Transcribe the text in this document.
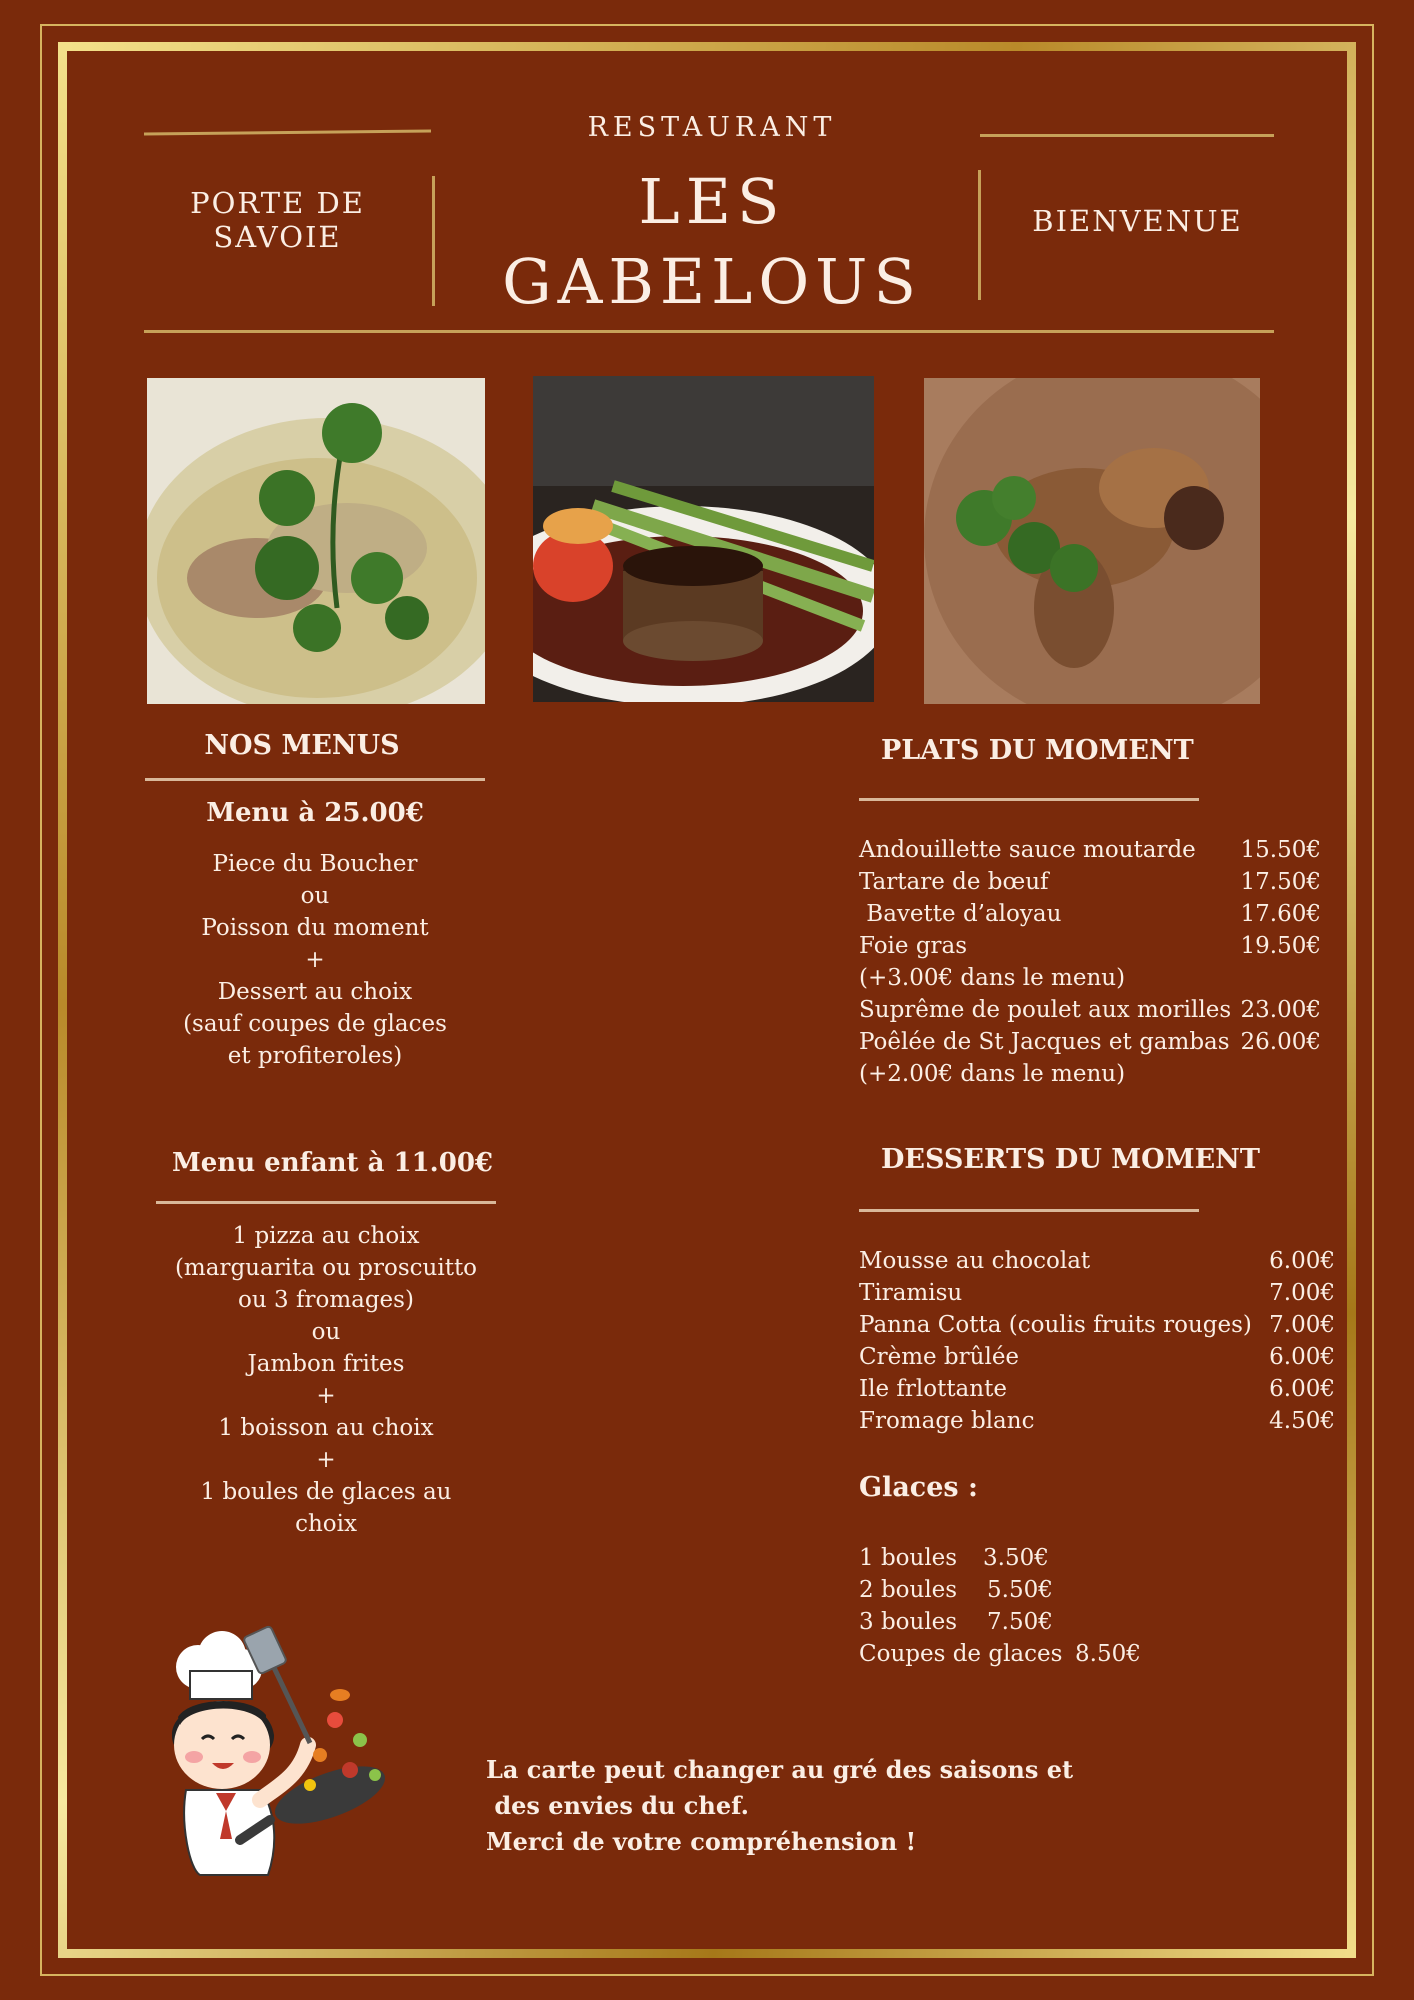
RESTAURANT
LES
GABELOUS
PORTE DE
SAVOIE	BIENVENUE
NOS MENUS
Menu à 25.00€
Piece du Boucher
ou
Poisson du moment
+
Dessert au choix
(sauf coupes de glaces
et profiteroles)
Menu enfant à 11.00€
1 pizza au choix
(marguarita ou proscuitto
ou 3 fromages)
ou
Jambon frites
+
1 boisson au choix
+
1 boules de glaces au
choix
PLATS DU MOMENT
Andouillette sauce moutarde 15.50€
Tartare de bœuf	17.50€
Bavette d’aloyau	17.60€
Foie gras	19.50€
(+3.00€ dans le menu)
Suprême de poulet aux morilles 23.00€
Poêlée de St Jacques et gambas 26.00€
(+2.00€ dans le menu)
DESSERTS DU MOMENT
Mousse au chocolat	6.00€
Tiramisu	7.00€
Panna Cotta (coulis fruits rouges) 7.00€
Crème brûlée	6.00€
Ile frlottante	6.00€
Fromage blanc	4.50€
Glaces :
1 boules 3.50€
2 boules 5.50€
3 boules 7.50€
Coupes de glaces 8.50€
La carte peut changer au gré des saisons et
des envies du chef.
Merci de votre compréhension !
